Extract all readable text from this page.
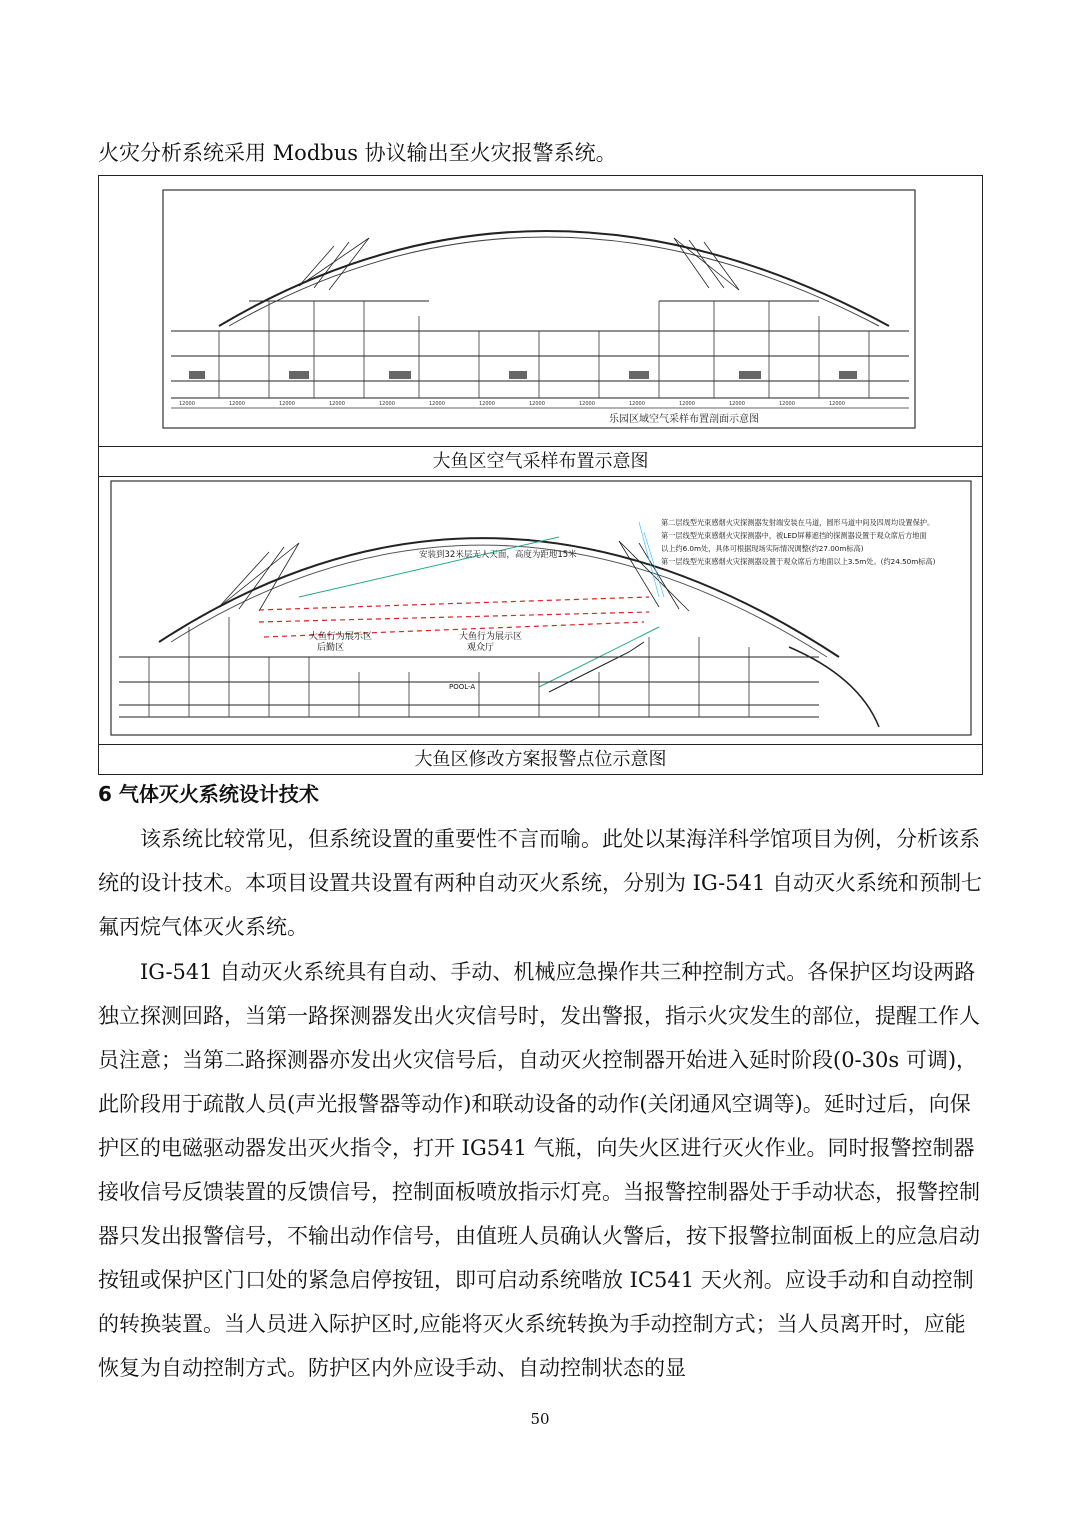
火灾分析系统采用 Modbus 协议输出至火灾报警系统。
12000	12000	12000	12000	12000	12000	12000	12000	12000	12000	12000	12000	12000	12000
乐园区域空气采样布置剖面示意图

大鱼区空气采样布置示意图

安装到32米层无人天面，高度为距地15米
大鱼行为展示区
后勤区
大鱼行为展示区
观众厅
POOL-A
第二层线型光束感烟火灾探测器发射端安装在马道，圆形马道中间及四周均设置保护。
第一层线型光束感烟火灾探测器中，被LED屏幕遮挡的探测器设置于观众席后方地面
以上约6.0m处，具体可根据现场实际情况调整(约27.00m标高)
第一层线型光束感烟火灾探测器设置于观众席后方地面以上3.5m处。(约24.50m标高)

大鱼区修改方案报警点位示意图
6 气体灭火系统设计技术

该系统比较常见，但系统设置的重要性不言而喻。此处以某海洋科学馆项目为例，分析该系统的设计技术。本项目设置共设置有两种自动灭火系统，分别为 IG-541 自动灭火系统和预制七氟丙烷气体灭火系统。

IG-541 自动灭火系统具有自动、手动、机械应急操作共三种控制方式。各保护区均设两路独立探测回路，当第一路探测器发出火灾信号时，发出警报，指示火灾发生的部位，提醒工作人员注意；当第二路探测器亦发出火灾信号后，自动灭火控制器开始进入延时阶段(0-30s 可调)，此阶段用于疏散人员(声光报警器等动作)和联动设备的动作(关闭通风空调等)。延时过后，向保护区的电磁驱动器发出灭火指令，打开 IG541 气瓶，向失火区进行灭火作业。同时报警控制器接收信号反馈装置的反馈信号，控制面板喷放指示灯亮。当报警控制器处于手动状态，报警控制器只发出报警信号，不输出动作信号，由值班人员确认火警后，按下报警拉制面板上的应急启动按钮或保护区门口处的紧急启停按钮，即可启动系统喈放 IC541 天火剂。应设手动和自动控制的转换装置。当人员进入际护区时,应能将灭火系统转换为手动控制方式；当人员离开时，应能恢复为自动控制方式。防护区内外应设手动、自动控制状态的显

50
